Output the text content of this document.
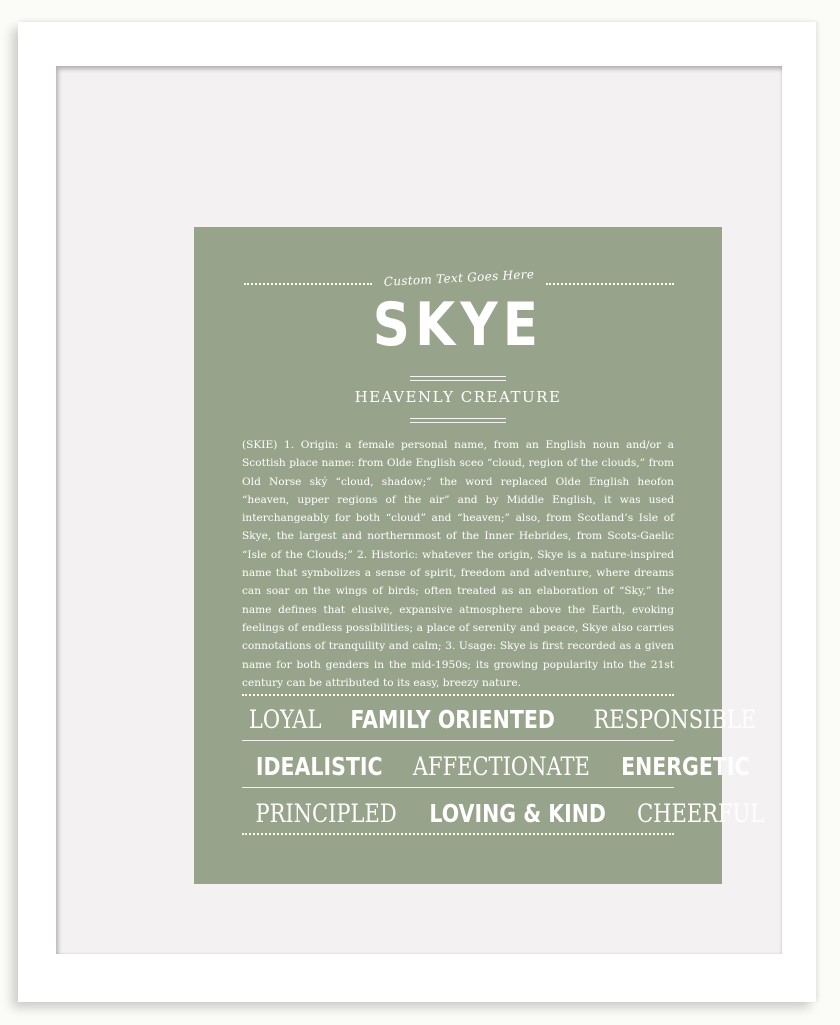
Custom Text Goes Here
SKYE
HEAVENLY CREATURE

(SKIE) 1. Origin: a female personal name, from an English noun and/or a Scottish place name: from Olde English sceo “cloud, region of the clouds,” from Old Norse ský “cloud, shadow;” the word replaced Olde English heofon “heaven, upper regions of the air” and by Middle English, it was used interchangeably for both “cloud” and “heaven;” also, from Scotland’s Isle of Skye, the largest and northernmost of the Inner Hebrides, from Scots-Gaelic “Isle of the Clouds;” 2. Historic: whatever the origin, Skye is a nature-inspired name that symbolizes a sense of spirit, freedom and adventure, where dreams can soar on the wings of birds; often treated as an elaboration of “Sky,” the name defines that elusive, expansive atmosphere above the Earth, evoking feelings of endless possibilities; a place of serenity and peace, Skye also carries connotations of tranquility and calm; 3. Usage: Skye is first recorded as a given name for both genders in the mid-1950s; its growing popularity into the 21st century can be attributed to its easy, breezy nature.

LOYAL FAMILY ORIENTED RESPONSIBLE
IDEALISTIC AFFECTIONATE ENERGETIC
PRINCIPLED LOVING & KIND CHEERFUL
